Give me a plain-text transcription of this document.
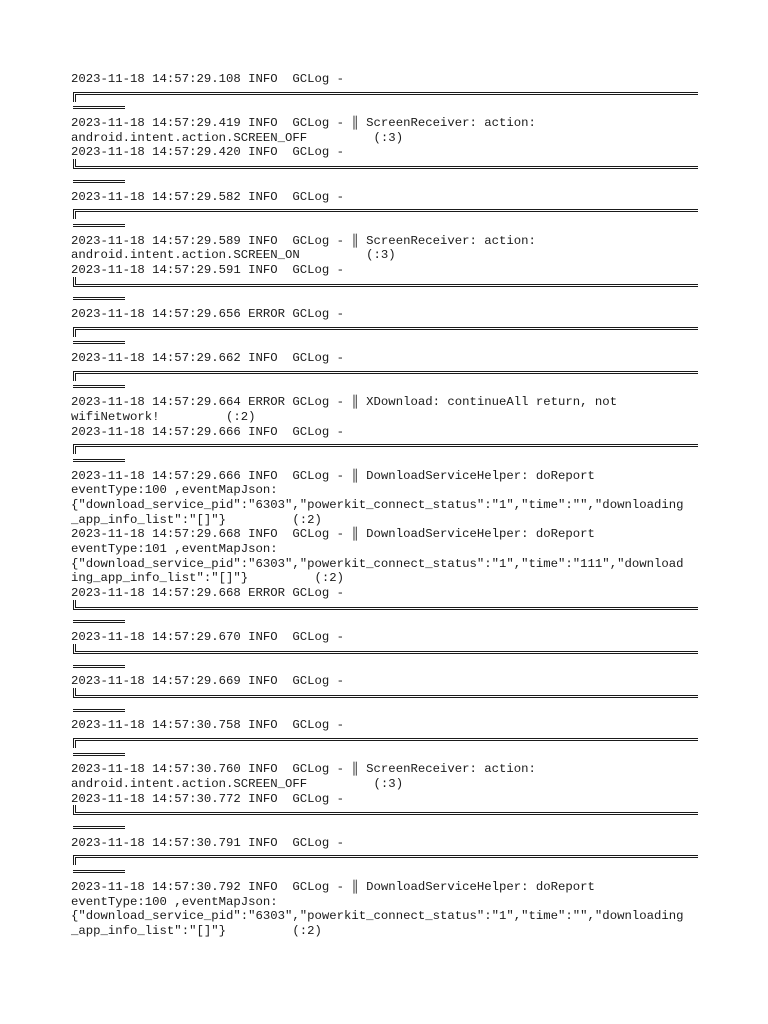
2023-11-18 14:57:29.108 INFO  GCLog -
2023-11-18 14:57:29.419 INFO  GCLog - ║ ScreenReceiver: action:
android.intent.action.SCREEN_OFF         (:3)
2023-11-18 14:57:29.420 INFO  GCLog -
2023-11-18 14:57:29.582 INFO  GCLog -
2023-11-18 14:57:29.589 INFO  GCLog - ║ ScreenReceiver: action:
android.intent.action.SCREEN_ON         (:3)
2023-11-18 14:57:29.591 INFO  GCLog -
2023-11-18 14:57:29.656 ERROR GCLog -
2023-11-18 14:57:29.662 INFO  GCLog -
2023-11-18 14:57:29.664 ERROR GCLog - ║ XDownload: continueAll return, not
wifiNetwork!         (:2)
2023-11-18 14:57:29.666 INFO  GCLog -
2023-11-18 14:57:29.666 INFO  GCLog - ║ DownloadServiceHelper: doReport
eventType:100 ,eventMapJson:
{"download_service_pid":"6303","powerkit_connect_status":"1","time":"","downloading
_app_info_list":"[]"}         (:2)
2023-11-18 14:57:29.668 INFO  GCLog - ║ DownloadServiceHelper: doReport
eventType:101 ,eventMapJson:
{"download_service_pid":"6303","powerkit_connect_status":"1","time":"111","download
ing_app_info_list":"[]"}         (:2)
2023-11-18 14:57:29.668 ERROR GCLog -
2023-11-18 14:57:29.670 INFO  GCLog -
2023-11-18 14:57:29.669 INFO  GCLog -
2023-11-18 14:57:30.758 INFO  GCLog -
2023-11-18 14:57:30.760 INFO  GCLog - ║ ScreenReceiver: action:
android.intent.action.SCREEN_OFF         (:3)
2023-11-18 14:57:30.772 INFO  GCLog -
2023-11-18 14:57:30.791 INFO  GCLog -
2023-11-18 14:57:30.792 INFO  GCLog - ║ DownloadServiceHelper: doReport
eventType:100 ,eventMapJson:
{"download_service_pid":"6303","powerkit_connect_status":"1","time":"","downloading
_app_info_list":"[]"}         (:2)
